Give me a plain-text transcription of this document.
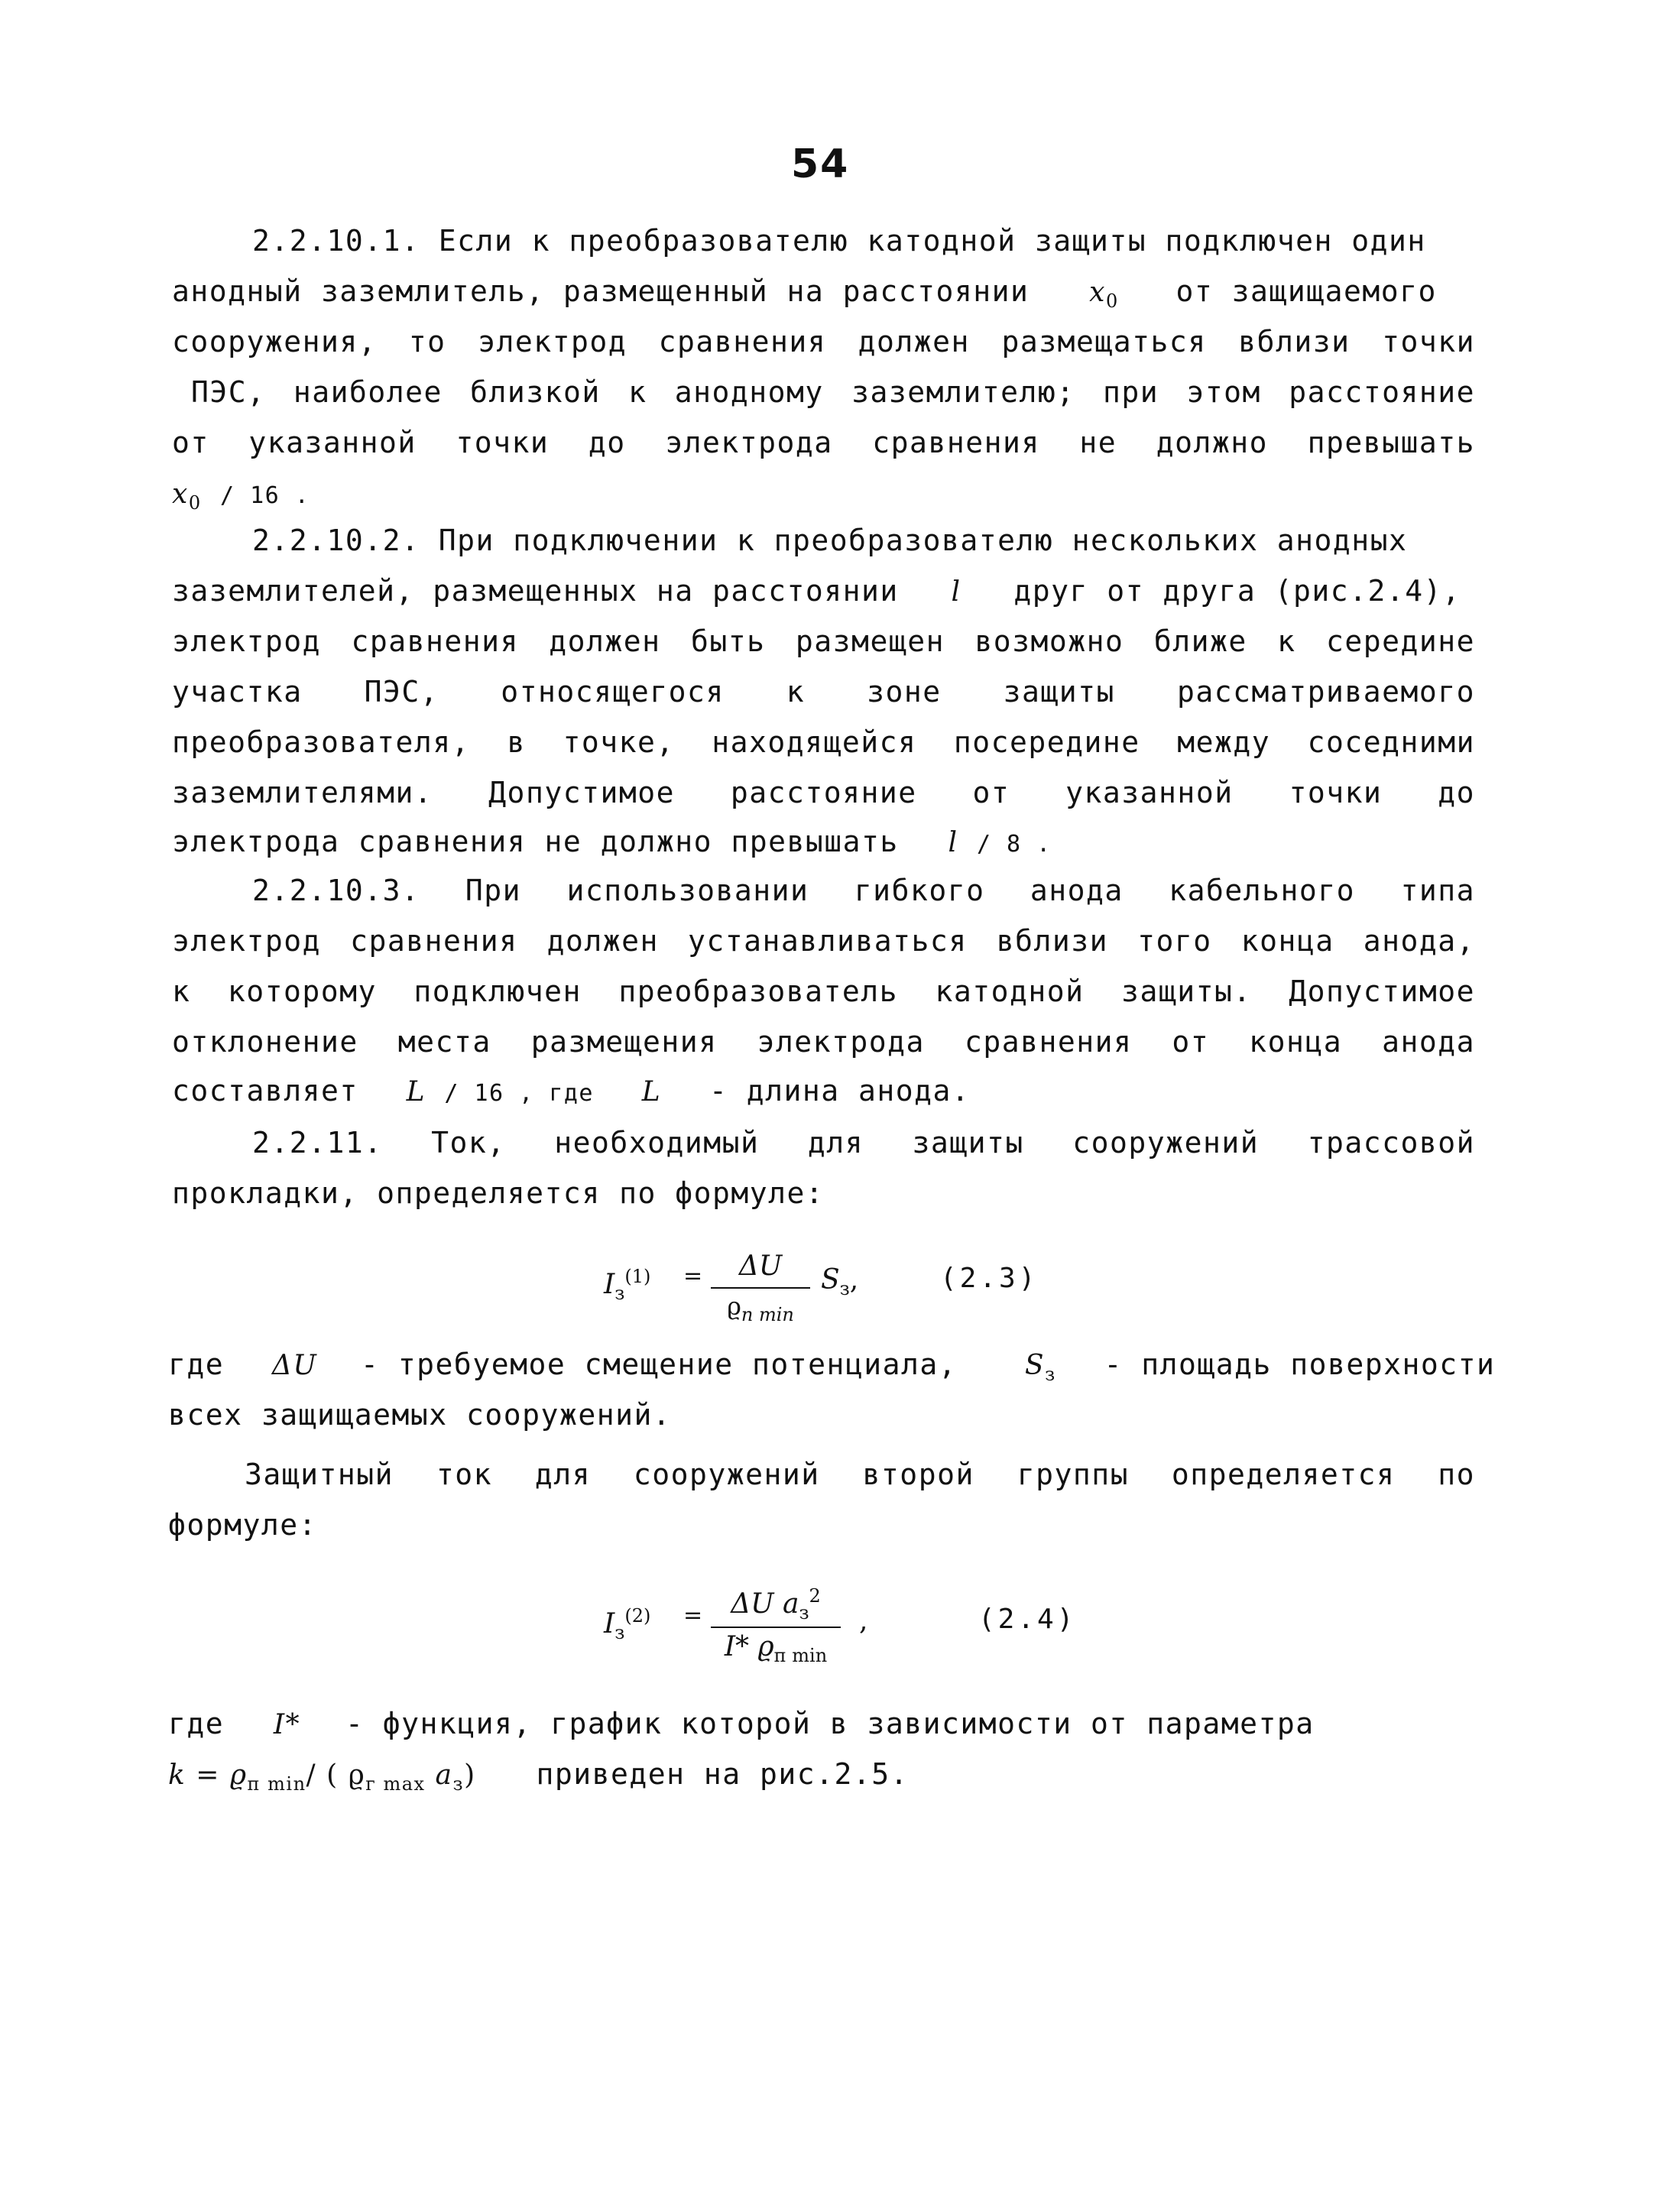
54
2.2.10.1. Если к преобразователю катодной защиты подключен один
анодный заземлитель, размещенный на расстоянии $x_0$ от защищаемого
сооружения, то электрод сравнения должен размещаться вблизи точки
ПЭС, наиболее близкой к анодному заземлителю; при этом расстояние
от указанной точки до электрода сравнения не должно превышать
$x_0 / 16$ .
2.2.10.2. При подключении к преобразователю нескольких анодных
заземлителей, размещенных на расстоянии l друг от друга (рис.2.4),
электрод сравнения должен быть размещен возможно ближе к середине
участка ПЭС, относящегося к зоне защиты рассматриваемого
преобразователя, в точке, находящейся посередине между соседними
заземлителями. Допустимое расстояние от указанной точки до
электрода сравнения не должно превышать l / 8 .
2.2.10.3. При использовании гибкого анода кабельного типа
электрод сравнения должен устанавливаться вблизи того конца анода,
к которому подключен преобразователь катодной защиты. Допустимое
отклонение места размещения электрода сравнения от конца анода
составляет L / 16 , где L - длина анода.
2.2.11. Ток, необходимый для защиты сооружений трассовой
прокладки, определяется по формуле:
$I_з^{(1)}$ =	ΔU
$ϱ_{п min}$
$S_з$,	(2.3)
где ΔU - требуемое смещение потенциала, $S_з$ - площадь поверхности
всех защищаемых сооружений.
Защитный ток для сооружений второй группы определяется по
формуле:
$I_з^{(2)}$ =	ΔU $a_з^2$
I* $ϱ_{п min}$
,	(2.4)
где I* - функция, график которой в зависимости от параметра
$k = ϱ_{п min}/$ ( $ϱ_{г max}$ $a_з$) приведен на рис.2.5.
